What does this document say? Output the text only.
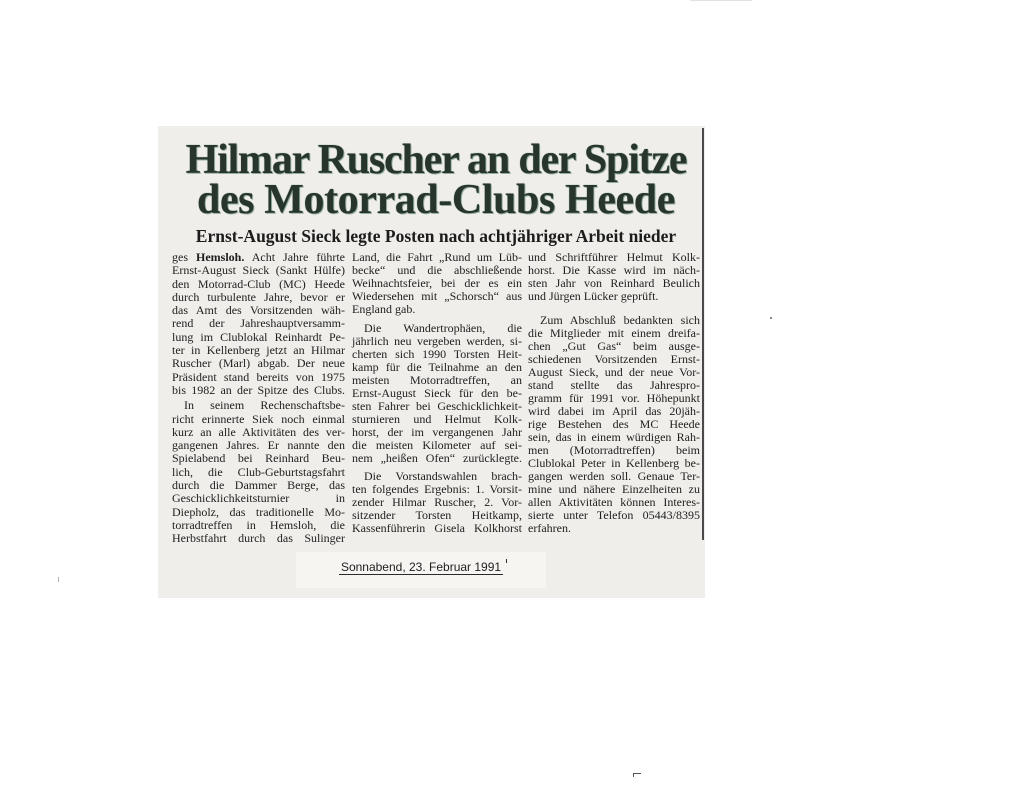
Hilmar Ruscher an der Spitze
des Motorrad-Clubs Heede
Ernst-August Sieck legte Posten nach achtjähriger Arbeit nieder
ges Hemsloh. Acht Jahre führte
Ernst-August Sieck (Sankt Hülfe)
den Motorrad-Club (MC) Heede
durch turbulente Jahre, bevor er
das Amt des Vorsitzenden wäh-
rend der Jahreshauptversamm-
lung im Clublokal Reinhardt Pe-
ter in Kellenberg jetzt an Hilmar
Ruscher (Marl) abgab. Der neue
Präsident stand bereits von 1975
bis 1982 an der Spitze des Clubs.
In seinem Rechenschaftsbe-
richt erinnerte Siek noch einmal
kurz an alle Aktivitäten des ver-
gangenen Jahres. Er nannte den
Spielabend bei Reinhard Beu-
lich, die Club-Geburtstagsfahrt
durch die Dammer Berge, das
Geschicklichkeitsturnier in
Diepholz, das traditionelle Mo-
torradtreffen in Hemsloh, die
Herbstfahrt durch das Sulinger
Land, die Fahrt „Rund um Lüb-
becke“ und die abschließende
Weihnachtsfeier, bei der es ein
Wiedersehen mit „Schorsch“ aus
England gab.
Die Wandertrophäen, die
jährlich neu vergeben werden, si-
cherten sich 1990 Torsten Heit-
kamp für die Teilnahme an den
meisten Motorradtreffen, an
Ernst-August Sieck für den be-
sten Fahrer bei Geschicklichkeit-
sturnieren und Helmut Kolk-
horst, der im vergangenen Jahr
die meisten Kilometer auf sei-
nem „heißen Ofen“ zurücklegte.
Die Vorstandswahlen brach-
ten folgendes Ergebnis: 1. Vorsit-
zender Hilmar Ruscher, 2. Vor-
sitzender Torsten Heitkamp,
Kassenführerin Gisela Kolkhorst
und Schriftführer Helmut Kolk-
horst. Die Kasse wird im näch-
sten Jahr von Reinhard Beulich
und Jürgen Lücker geprüft.
Zum Abschluß bedankten sich
die Mitglieder mit einem dreifa-
chen „Gut Gas“ beim ausge-
schiedenen Vorsitzenden Ernst-
August Sieck, und der neue Vor-
stand stellte das Jahrespro-
gramm für 1991 vor. Höhepunkt
wird dabei im April das 20jäh-
rige Bestehen des MC Heede
sein, das in einem würdigen Rah-
men (Motorradtreffen) beim
Clublokal Peter in Kellenberg be-
gangen werden soll. Genaue Ter-
mine und nähere Einzelheiten zu
allen Aktivitäten können Interes-
sierte unter Telefon 05443/8395
erfahren.
Sonnabend, 23. Februar 1991
